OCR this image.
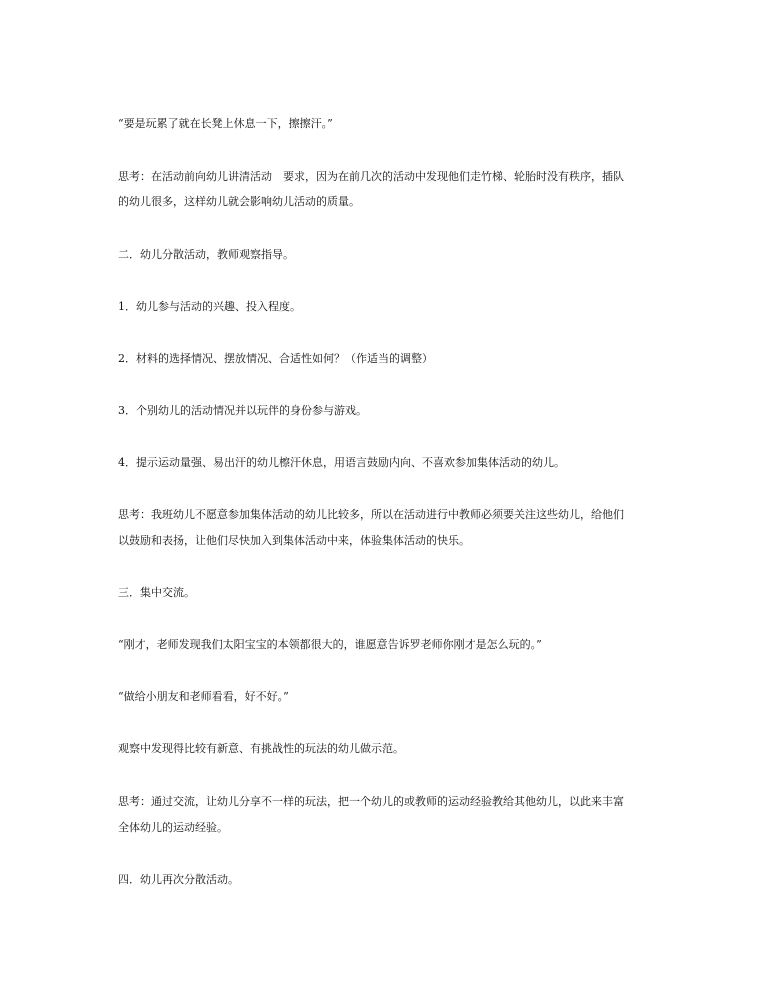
“要是玩累了就在长凳上休息一下，擦擦汗。”
思考：在活动前向幼儿讲清活动　要求，因为在前几次的活动中发现他们走竹梯、轮胎时没有秩序，插队
的幼儿很多，这样幼儿就会影响幼儿活动的质量。
二．幼儿分散活动，教师观察指导。
1．幼儿参与活动的兴趣、投入程度。
2．材料的选择情况、摆放情况、合适性如何？（作适当的调整）
3．个别幼儿的活动情况并以玩伴的身份参与游戏。
4．提示运动量强、易出汗的幼儿檫汗休息，用语言鼓励内向、不喜欢参加集体活动的幼儿。
思考：我班幼儿不愿意参加集体活动的幼儿比较多，所以在活动进行中教师必须要关注这些幼儿，给他们
以鼓励和表扬，让他们尽快加入到集体活动中来，体验集体活动的快乐。
三．集中交流。
“刚才，老师发现我们太阳宝宝的本领都很大的，谁愿意告诉罗老师你刚才是怎么玩的。”
“做给小朋友和老师看看，好不好。”
观察中发现得比较有新意、有挑战性的玩法的幼儿做示范。
思考：通过交流，让幼儿分享不一样的玩法，把一个幼儿的或教师的运动经验教给其他幼儿，以此来丰富
全体幼儿的运动经验。
四．幼儿再次分散活动。
